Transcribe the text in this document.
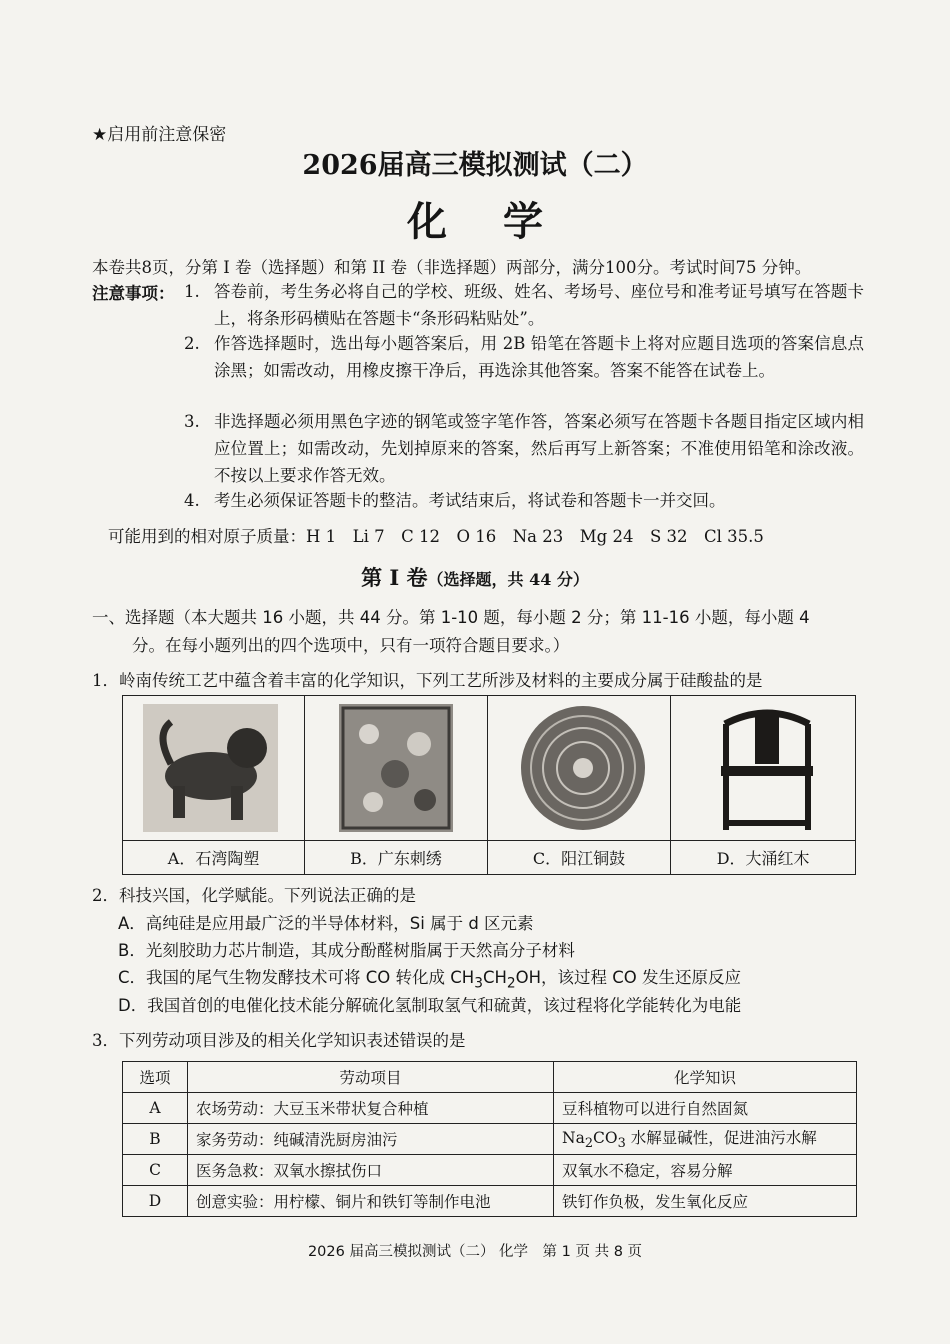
★启用前注意保密
2026届高三模拟测试（二）
化学
本卷共8页，分第 I 卷（选择题）和第 II 卷（非选择题）两部分，满分100分。考试时间75 分钟。
注意事项： 1. 答卷前，考生务必将自己的学校、班级、姓名、考场号、座位号和准考证号填写在答题卡上，将条形码横贴在答题卡“条形码粘贴处”。
2. 作答选择题时，选出每小题答案后，用 2B 铅笔在答题卡上将对应题目选项的答案信息点涂黑；如需改动，用橡皮擦干净后，再选涂其他答案。答案不能答在试卷上。
3. 非选择题必须用黑色字迹的钢笔或签字笔作答，答案必须写在答题卡各题目指定区域内相应位置上；如需改动，先划掉原来的答案，然后再写上新答案；不准使用铅笔和涂改液。不按以上要求作答无效。
4. 考生必须保证答题卡的整洁。考试结束后，将试卷和答题卡一并交回。
可能用到的相对原子质量：H 1　Li 7　C 12　O 16　Na 23　Mg 24　S 32　Cl 35.5
第 I 卷（选择题，共 44 分）
一、选择题（本大题共 16 小题，共 44 分。第 1-10 题，每小题 2 分；第 11-16 小题，每小题 4
分。在每小题列出的四个选项中，只有一项符合题目要求。）
1．岭南传统工艺中蕴含着丰富的化学知识，下列工艺所涉及材料的主要成分属于硅酸盐的是

A．石湾陶塑	B．广东刺绣	C．阳江铜鼓	D．大涌红木
2．科技兴国，化学赋能。下列说法正确的是
A．高纯硅是应用最广泛的半导体材料，Si 属于 d 区元素
B．光刻胶助力芯片制造，其成分酚醛树脂属于天然高分子材料
C．我国的尾气生物发酵技术可将 CO 转化成 $CH_3CH_2OH$，该过程 CO 发生还原反应
D．我国首创的电催化技术能分解硫化氢制取氢气和硫黄，该过程将化学能转化为电能
3．下列劳动项目涉及的相关化学知识表述错误的是
选项	劳动项目	化学知识
A	农场劳动：大豆玉米带状复合种植	豆科植物可以进行自然固氮
B	家务劳动：纯碱清洗厨房油污	$Na_2CO_3$ 水解显碱性，促进油污水解
C	医务急救：双氧水擦拭伤口	双氧水不稳定，容易分解
D	创意实验：用柠檬、铜片和铁钉等制作电池	铁钉作负极，发生氧化反应
2026 届高三模拟测试（二） 化学　第 1 页 共 8 页
